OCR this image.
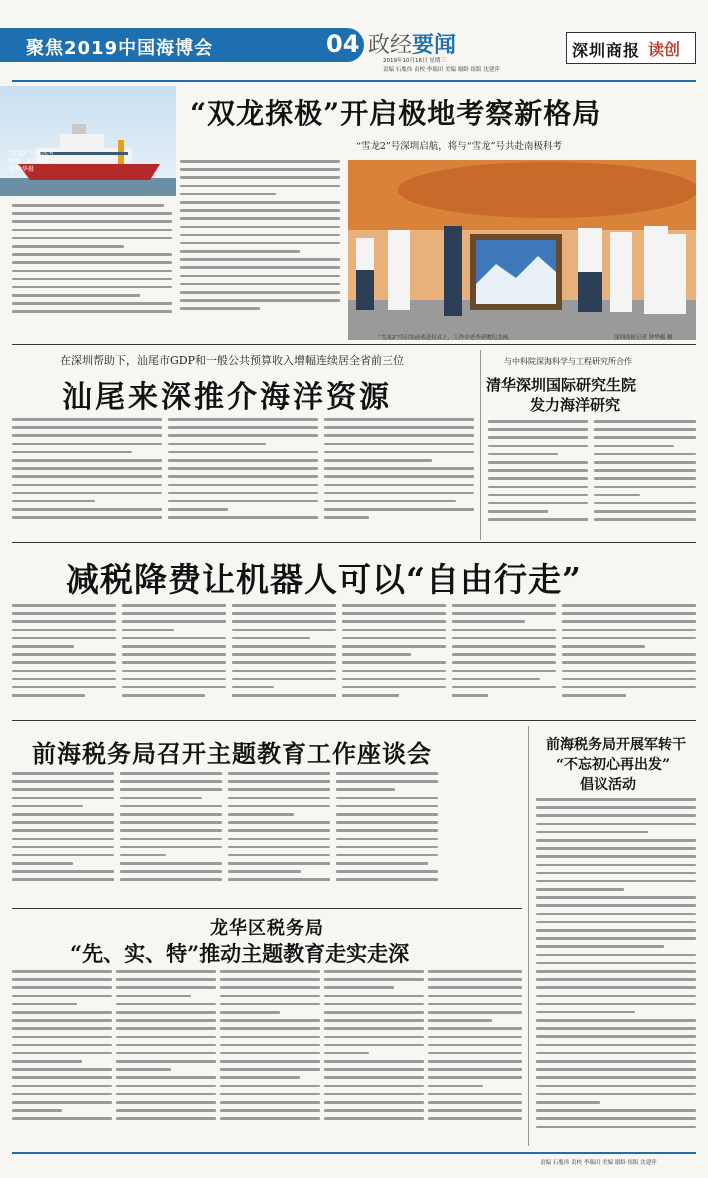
聚焦2019中国海博会	04 政经要闻
2019年10月16日 星期三
责编 石胤伟 责校 李瑞田 美编 谢龄 组版 沈建萍
深圳商报 读创
“雪龙2”号破冰考察船。深圳商报记者 钟华摄
“双龙探极”开启极地考察新格局
“雪龙2”号深圳启航，将与“雪龙”号共赴南极科考
“雪龙2”号启发前欢送仪式上，工作中老李获赠纪念画。	深圳商报记者 钟华摄 摄
在深圳帮助下，汕尾市GDP和一般公共预算收入增幅连续居全省前三位
汕尾来深推介海洋资源
与中科院深海科学与工程研究所合作
清华深圳国际研究生院
发力海洋研究
减税降费让机器人可以“自由行走”
前海税务局召开主题教育工作座谈会	前海税务局开展军转干
“不忘初心再出发”
倡议活动
龙华区税务局
“先、实、特”推动主题教育走实走深
责编 石胤伟 责校 李瑞田 美编 谢龄 组版 沈建萍
